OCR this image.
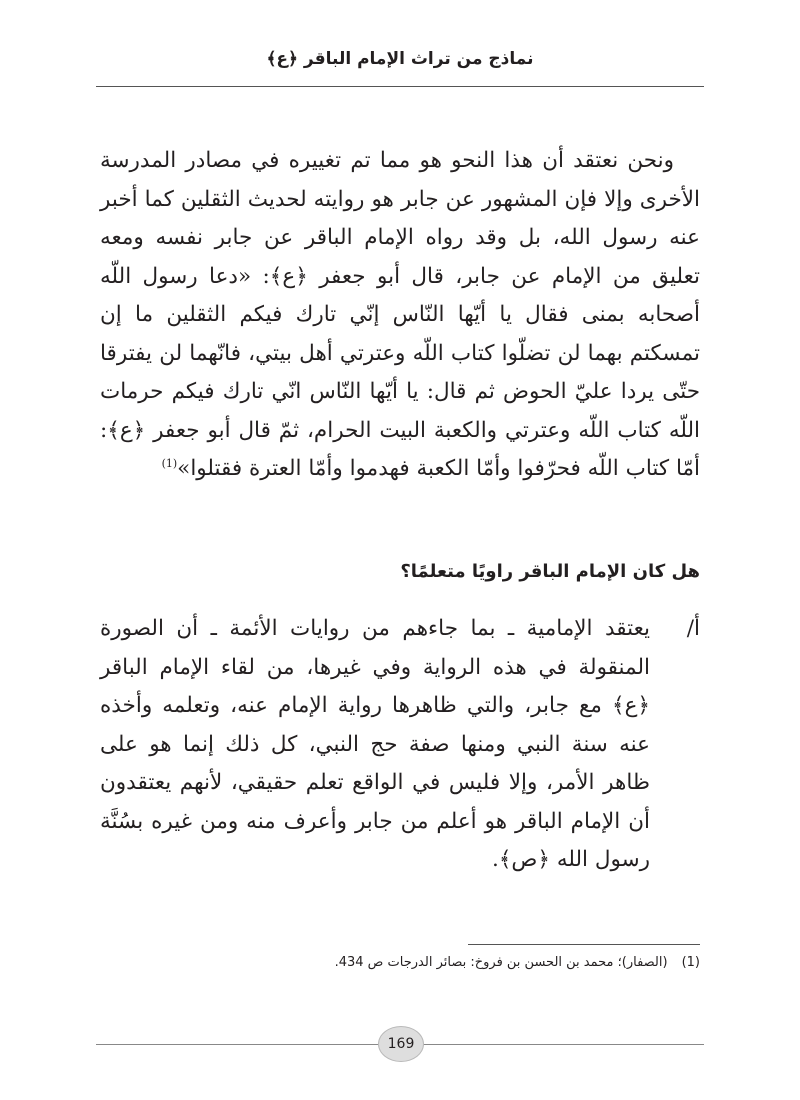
نماذج من تراث الإمام الباقر ﴿ع﴾

ونحن نعتقد أن هذا النحو هو مما تم تغييره في مصادر المدرسة الأخرى وإلا فإن المشهور عن جابر هو روايته لحديث الثقلين كما أخبر عنه رسول الله، بل وقد رواه الإمام الباقر عن جابر نفسه ومعه تعليق من الإمام عن جابر، قال أبو جعفر ﴿ع﴾: «دعا رسول اللّه أصحابه بمنى فقال يا أيّها النّاس إنّي تارك فيكم الثقلين ما إن تمسكتم بهما لن تضلّوا كتاب اللّه وعترتي أهل بيتي، فانّهما لن يفترقا حتّى يردا عليّ الحوض ثم قال: يا أيّها النّاس انّي تارك فيكم حرمات اللّه كتاب اللّه وعترتي والكعبة البيت الحرام، ثمّ قال أبو جعفر ﴿ع﴾: أمّا كتاب اللّه فحرّفوا وأمّا الكعبة فهدموا وأمّا العترة فقتلوا»$^{(1)}$

هل كان الإمام الباقر راويًا متعلمًا؟
أ/
يعتقد الإمامية ـ بما جاءهم من روايات الأئمة ـ أن الصورة المنقولة في هذه الرواية وفي غيرها، من لقاء الإمام الباقر ﴿ع﴾ مع جابر، والتي ظاهرها رواية الإمام عنه، وتعلمه وأخذه عنه سنة النبي ومنها صفة حج النبي، كل ذلك إنما هو على ظاهر الأمر، وإلا فليس في الواقع تعلم حقيقي، لأنهم يعتقدون أن الإمام الباقر هو أعلم من جابر وأعرف منه ومن غيره بسُنَّة رسول الله ﴿ص﴾.
(1)(الصفار)؛ محمد بن الحسن بن فروخ: بصائر الدرجات ص 434.
169
